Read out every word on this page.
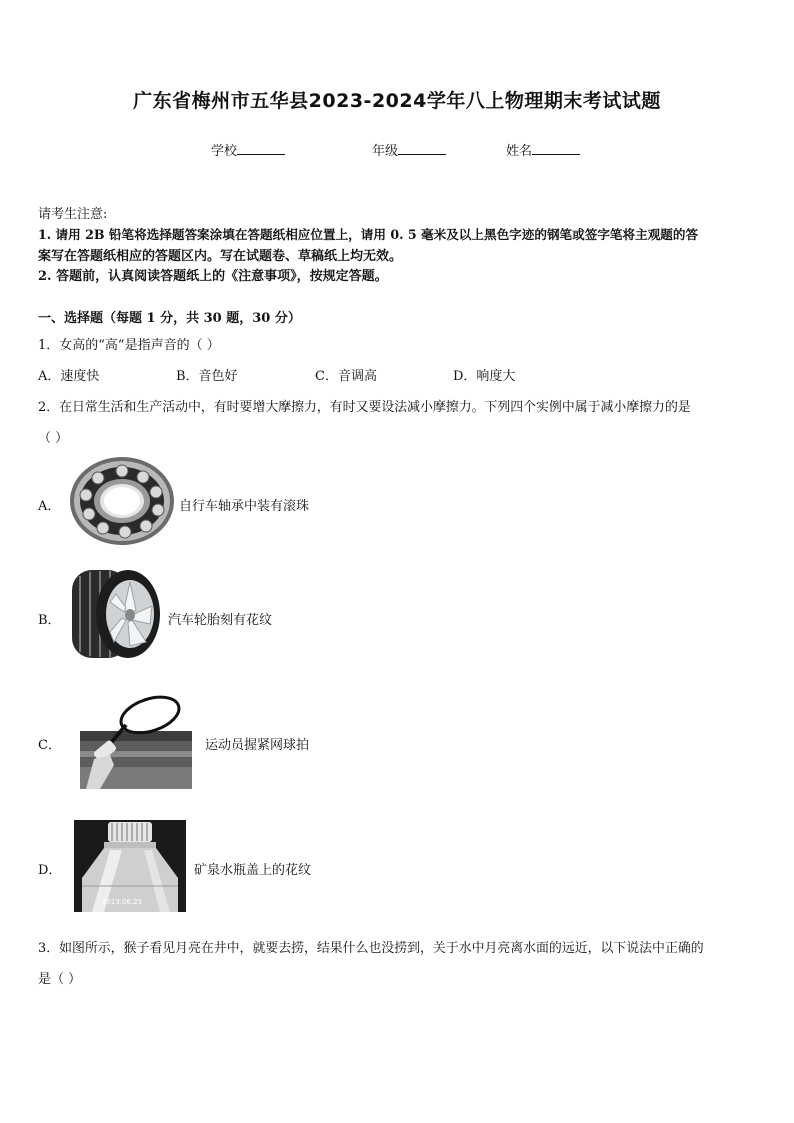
广东省梅州市五华县2023-2024学年八上物理期末考试试题
学校	年级	姓名
请考生注意:
1. 请用 2B 铅笔将选择题答案涂填在答题纸相应位置上，请用 0. 5 毫米及以上黑色字迹的钢笔或签字笔将主观题的答
案写在答题纸相应的答题区内。写在试题卷、草稿纸上均无效。
2. 答题前，认真阅读答题纸上的《注意事项》，按规定答题。
一、选择题（每题 1 分，共 30 题，30 分）
1．女高的“高”是指声音的（ ）
A．速度快	B．音色好	C．音调高	D．响度大
2．在日常生活和生产活动中，有时要增大摩擦力，有时又要设法减小摩擦力。下列四个实例中属于减小摩擦力的是
（ ）
A．	自行车轴承中装有滚珠
B．	汽车轮胎刻有花纹
C．	运动员握紧网球拍
D．
2013.06.25
矿泉水瓶盖上的花纹
3．如图所示，猴子看见月亮在井中，就要去捞，结果什么也没捞到，关于水中月亮离水面的远近，以下说法中正确的
是（ ）
